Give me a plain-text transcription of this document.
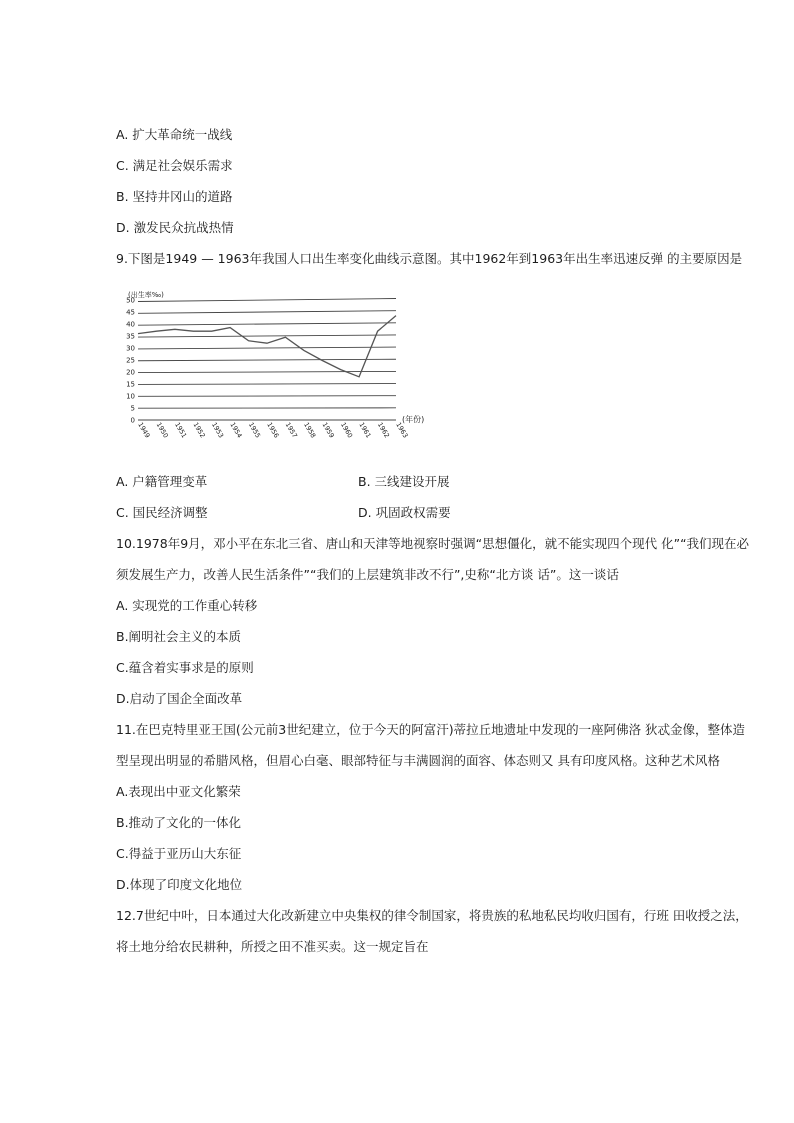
A. 扩大革命统一战线
C. 满足社会娱乐需求
B. 坚持井冈山的道路
D. 激发民众抗战热情
9.下图是1949 — 1963年我国人口出生率变化曲线示意图。其中1962年到1963年出生率迅速反弹 的主要原因是
0
5
10
15
20
25
30
35
40
45
50
1949 1950 1951 1952 1953 1954 1955 1956 1957 1958 1959 1960 1961 1962 1963
(出生率‰)
(年份)
A. 户籍管理变革	B. 三线建设开展
C. 国民经济调整	D. 巩固政权需要
10.1978年9月，邓小平在东北三省、唐山和天津等地视察时强调“思想僵化，就不能实现四个现代 化”“我们现在必
须发展生产力，改善人民生活条件”“我们的上层建筑非改不行”,史称“北方谈 话”。这一谈话
A. 实现党的工作重心转移
B.阐明社会主义的本质
C.蕴含着实事求是的原则
D.启动了国企全面改革
11.在巴克特里亚王国(公元前3世纪建立，位于今天的阿富汗)蒂拉丘地遗址中发现的一座阿佛洛 狄忒金像，整体造
型呈现出明显的希腊风格，但眉心白毫、眼部特征与丰满圆润的面容、体态则又 具有印度风格。这种艺术风格
A.表现出中亚文化繁荣
B.推动了文化的一体化
C.得益于亚历山大东征
D.体现了印度文化地位
12.7世纪中叶，日本通过大化改新建立中央集权的律令制国家，将贵族的私地私民均收归国有，行班 田收授之法，
将土地分给农民耕种，所授之田不准买卖。这一规定旨在
